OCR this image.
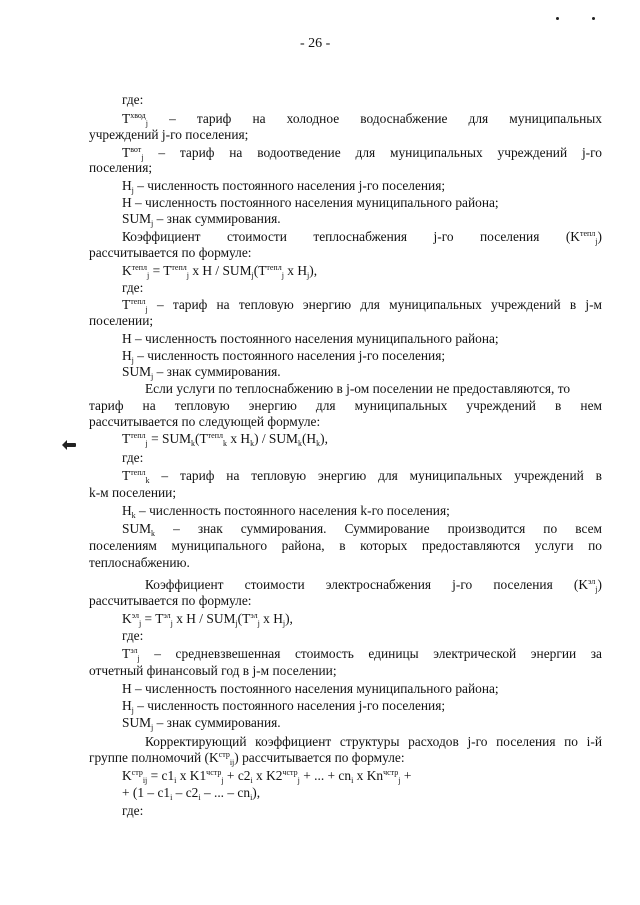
- 26 -
где:
$T^{хвод}_j$ – тариф на холодное водоснабжение для муниципальных
учреждений j-го поселения;
$T^{вот}_j$ – тариф на водоотведение для муниципальных учреждений j-го
поселения;
$H_j$ – численность постоянного населения j-го поселения;
H – численность постоянного населения муниципального района;
$SUM_j$ – знак суммирования.
Коэффициент стоимости теплоснабжения j-го поселения $(K^{тепл}_j)$
рассчитывается по формуле:
$K^{тепл}_j = T^{тепл}_j$ x H / $SUM_j(T^{тепл}_j$ x $H_j$),
где:
$T^{тепл}_j$ – тариф на тепловую энергию для муниципальных учреждений в j-м
поселении;
H – численность постоянного населения муниципального района;
$H_j$ – численность постоянного населения j-го поселения;
$SUM_j$ – знак суммирования.
Если услуги по теплоснабжению в j-ом поселении не предоставляются, то
тариф на тепловую энергию для муниципальных учреждений в нем
рассчитывается по следующей формуле:
$T^{тепл}_j = SUM_k(T^{тепл}_k$ x $H_k) / SUM_k(H_k)$,
где:
$T^{тепл}_k$ – тариф на тепловую энергию для муниципальных учреждений в
k-м поселении;
$H_k$ – численность постоянного населения k-го поселения;
$SUM_k$ – знак суммирования. Суммирование производится по всем
поселениям муниципального района, в которых предоставляются услуги по
теплоснабжению.
Коэффициент стоимости электроснабжения j-го поселения $(K^{эл}_j)$
рассчитывается по формуле:
$K^{эл}_j = T^{эл}_j$ x H / $SUM_j(T^{эл}_j$ x $H_j$),
где:
$T^{эл}_j$ – средневзвешенная стоимость единицы электрической энергии за
отчетный финансовый год в j-м поселении;
H – численность постоянного населения муниципального района;
$H_j$ – численность постоянного населения j-го поселения;
$SUM_j$ – знак суммирования.
Корректирующий коэффициент структуры расходов j-го поселения по i-й
группе полномочий $(K^{стр}_{ij})$ рассчитывается по формуле:
$K^{стр}_{ij} = c1_i$ x $K1^{чстр}_j + c2_i$ x $K2^{чстр}_j$ + ... + $cn_i$ x $Kn^{чстр}_j$ +
+ ($1 - c1_i - c2_i$ – ... – $cn_i$),
где:
